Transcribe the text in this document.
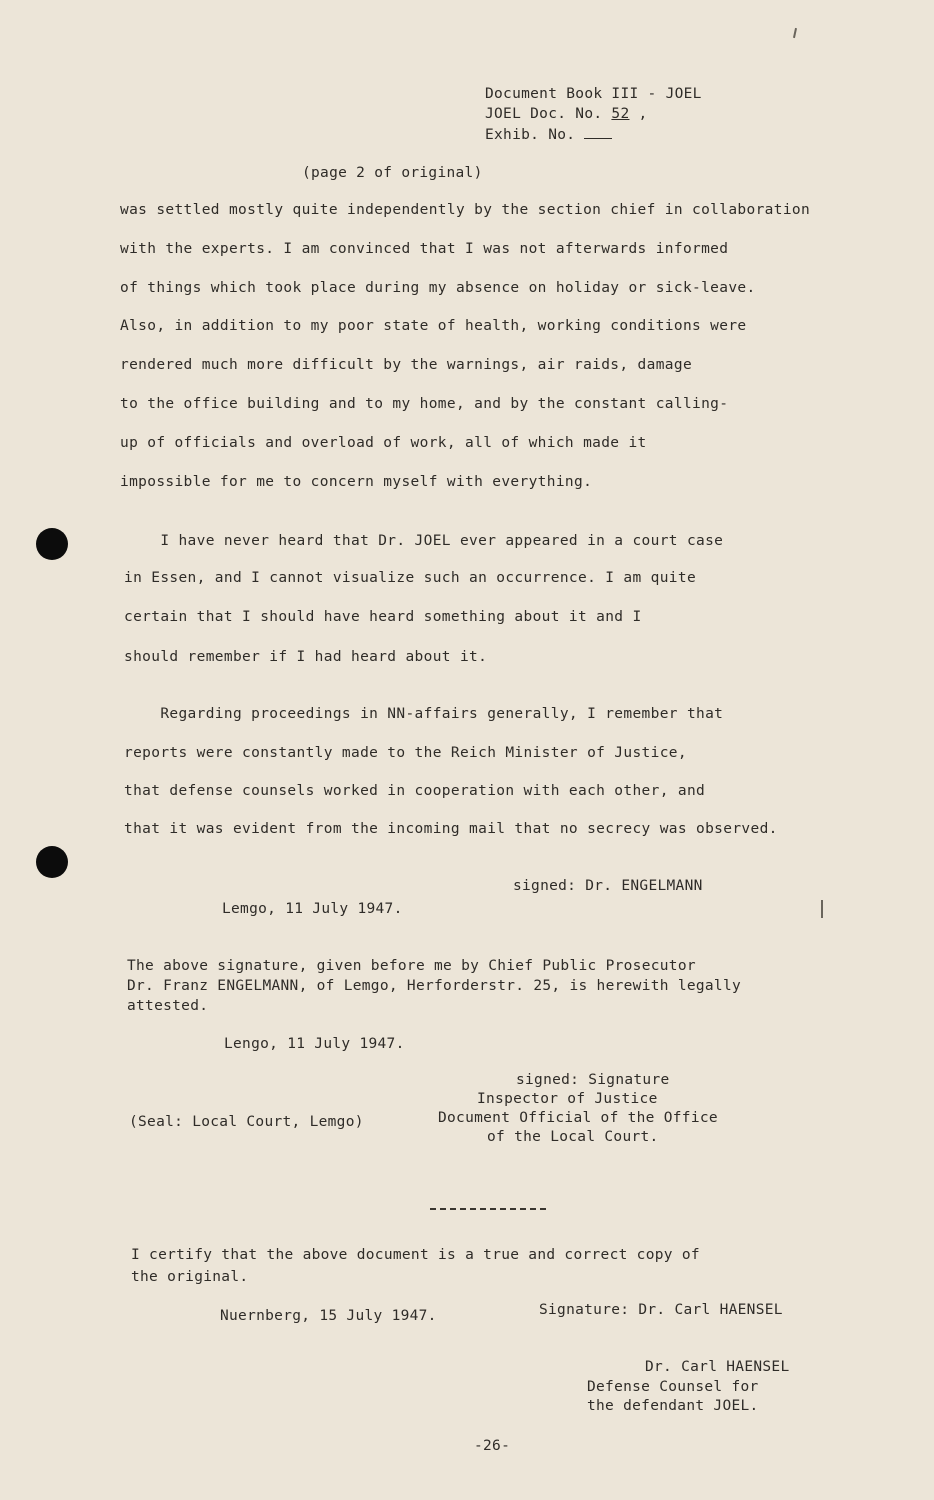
Document Book III - JOEL
JOEL Doc. No. 52 ,
Exhib. No.
(page 2 of original)
was settled mostly quite independently by the section chief in collaboration
with the experts. I am convinced that I was not afterwards informed
of things which took place during my absence on holiday or sick-leave.
Also, in addition to my poor state of health, working conditions were
rendered much more difficult by the warnings, air raids, damage
to the office building and to my home, and by the constant calling-
up of officials and overload of work, all of which made it
impossible for me to concern myself with everything.
I have never heard that Dr. JOEL ever appeared in a court case
in Essen, and I cannot visualize such an occurrence. I am quite
certain that I should have heard something about it and I
should remember if I had heard about it.
Regarding proceedings in NN-affairs generally, I remember that
reports were constantly made to the Reich Minister of Justice,
that defense counsels worked in cooperation with each other, and
that it was evident from the incoming mail that no secrecy was observed.
signed: Dr. ENGELMANN
Lemgo, 11 July 1947.
The above signature, given before me by Chief Public Prosecutor
Dr. Franz ENGELMANN, of Lemgo, Herforderstr. 25, is herewith legally
attested.
Lengo, 11 July 1947.
signed: Signature
Inspector of Justice
Document Official of the Office
of the Local Court.
(Seal: Local Court, Lemgo)
I certify that the above document is a true and correct copy of
the original.
Nuernberg, 15 July 1947.	Signature: Dr. Carl HAENSEL
Dr. Carl HAENSEL
Defense Counsel for
the defendant JOEL.
-26-
